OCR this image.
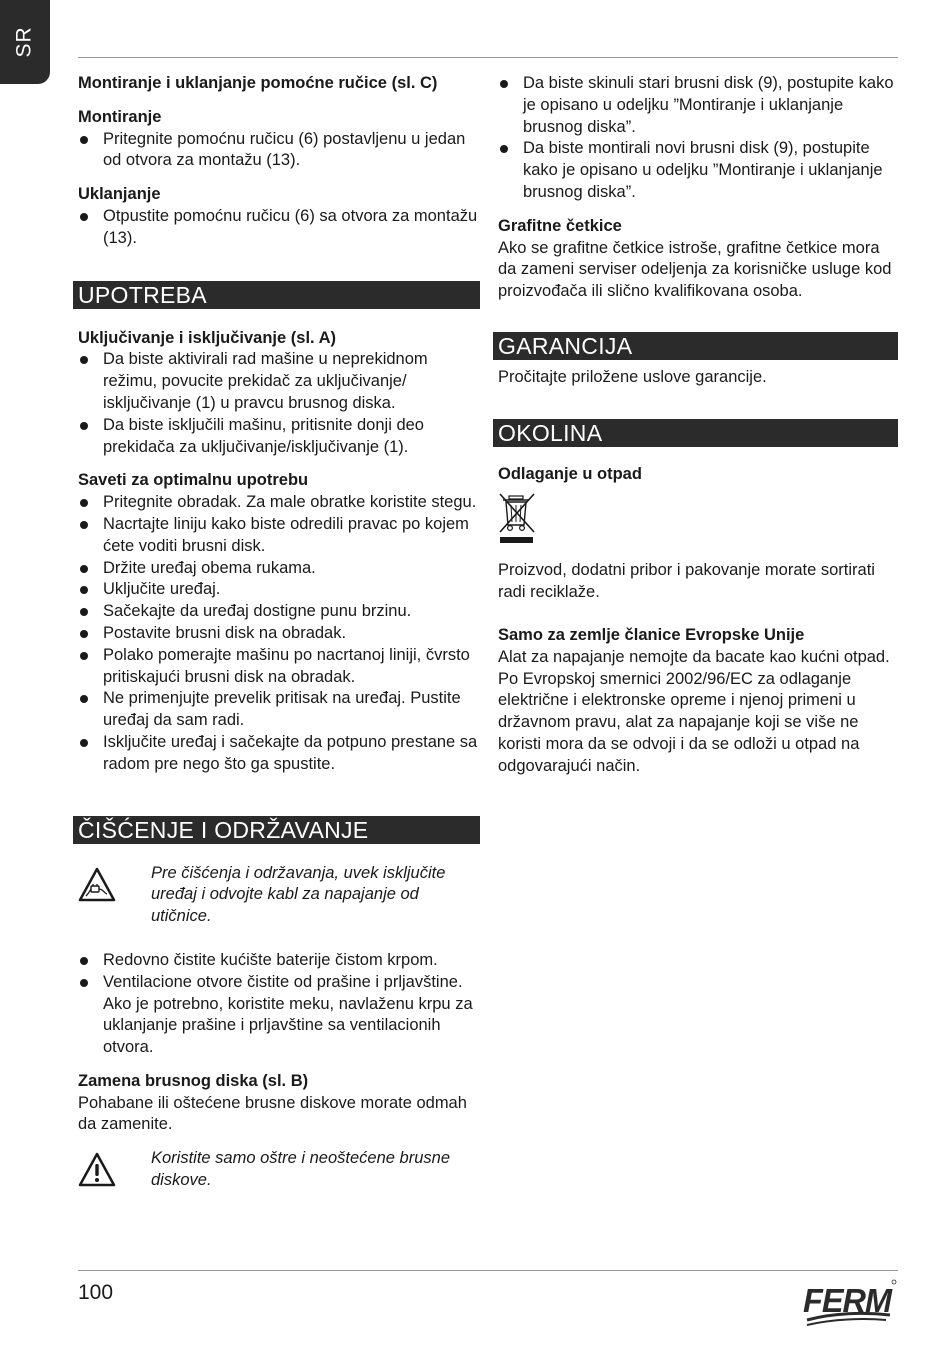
SR
Montiranje i uklanjanje pomoćne ručice (sl. C)
Montiranje
Pritegnite pomoćnu ručicu (6) postavljenu u jedan od otvora za montažu (13).
Uklanjanje
Otpustite pomoćnu ručicu (6) sa otvora za montažu (13).
UPOTREBA
Uključivanje i isključivanje (sl. A)
Da biste aktivirali rad mašine u neprekidnom režimu, povucite prekidač za uključivanje/ isključivanje (1) u pravcu brusnog diska.
Da biste isključili mašinu, pritisnite donji deo prekidača za uključivanje/isključivanje (1).
Saveti za optimalnu upotrebu
Pritegnite obradak. Za male obratke koristite stegu.
Nacrtajte liniju kako biste odredili pravac po kojem ćete voditi brusni disk.
Držite uređaj obema rukama.
Uključite uređaj.
Sačekajte da uređaj dostigne punu brzinu.
Postavite brusni disk na obradak.
Polako pomerajte mašinu po nacrtanoj liniji, čvrsto pritiskajući brusni disk na obradak.
Ne primenjujte prevelik pritisak na uređaj. Pustite uređaj da sam radi.
Isključite uređaj i sačekajte da potpuno prestane sa radom pre nego što ga spustite.
ČIŠĆENJE I ODRŽAVANJE

Pre čišćenja i održavanja, uvek isključite uređaj i odvojte kabl za napajanje od utičnice.

Redovno čistite kućište baterije čistom krpom.
Ventilacione otvore čistite od prašine i prljavštine. Ako je potrebno, koristite meku, navlaženu krpu za uklanjanje prašine i prljavštine sa ventilacionih otvora.
Zamena brusnog diska (sl. B)

Pohabane ili oštećene brusne diskove morate odmah da zamenite.

Koristite samo oštre i neoštećene brusne diskove.

Da biste skinuli stari brusni disk (9), postupite kako je opisano u odeljku ”Montiranje i uklanjanje brusnog diska”.
Da biste montirali novi brusni disk (9), postupite kako je opisano u odeljku ”Montiranje i uklanjanje brusnog diska”.
Grafitne četkice

Ako se grafitne četkice istroše, grafitne četkice mora da zameni serviser odeljenja za korisničke usluge kod proizvođača ili slično kvalifikovana osoba.

GARANCIJA

Pročitajte priložene uslove garancije.

OKOLINA
Odlaganje u otpad

Proizvod, dodatni pribor i pakovanje morate sortirati radi reciklaže.

Samo za zemlje članice Evropske Unije

Alat za napajanje nemojte da bacate kao kućni otpad. Po Evropskoj smernici 2002/96/EC za odlaganje električne i elektronske opreme i njenoj primeni u državnom pravu, alat za napajanje koji se više ne koristi mora da se odvoji i da se odloži u otpad na odgovarajući način.

100	FERM
